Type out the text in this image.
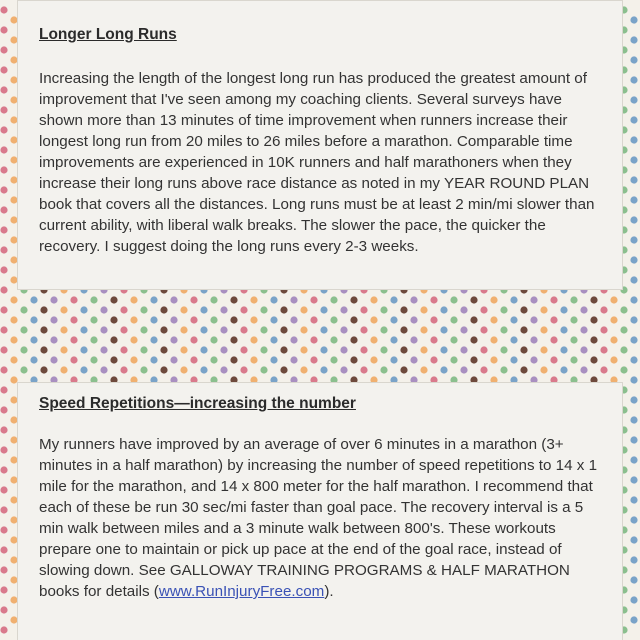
Longer Long Runs

Increasing the length of the longest long run has produced the greatest amount of improvement that I've seen among my coaching clients. Several surveys have shown more than 13 minutes of time improvement when runners increase their longest long run from 20 miles to 26 miles before a marathon. Comparable time improvements are experienced in 10K runners and half marathoners when they increase their long runs above race distance as noted in my YEAR ROUND PLAN book that covers all the distances. Long runs must be at least 2 min/mi slower than current ability, with liberal walk breaks. The slower the pace, the quicker the recovery. I suggest doing the long runs every 2-3 weeks.

Speed Repetitions—increasing the number

My runners have improved by an average of over 6 minutes in a marathon (3+ minutes in a half marathon) by increasing the number of speed repetitions to 14 x 1 mile for the marathon, and 14 x 800 meter for the half marathon. I recommend that each of these be run 30 sec/mi faster than goal pace. The recovery interval is a 5 min walk between miles and a 3 minute walk between 800's. These workouts prepare one to maintain or pick up pace at the end of the goal race, instead of slowing down. See GALLOWAY TRAINING PROGRAMS & HALF MARATHON books for details (www.RunInjuryFree.com).
